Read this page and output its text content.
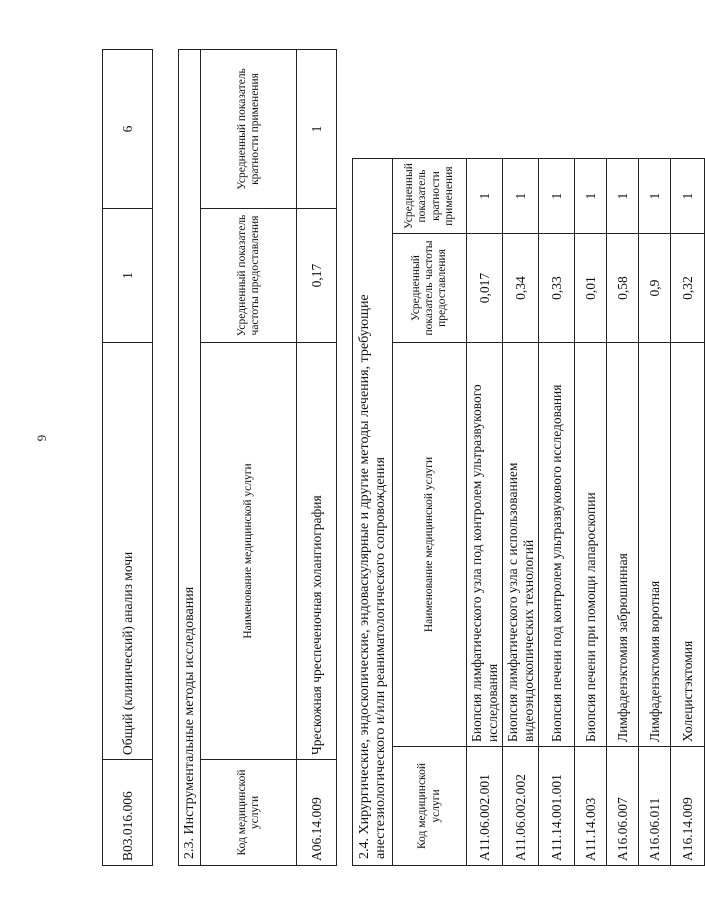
6
B03.016.006	Общий (клинический) анализ мочи	1	6
2.3. Инструментальные методы исследования			
Код медицинской услуги	Наименование медицинской услуги	Усредненный показатель частоты предоставления	Усредненный показатель кратности применения
A06.14.009	Чрескожная чреспеченочная холангиография	0,17	1
2.4. Хирургические, эндоскопические, эндоваскулярные и другие методы лечения, требующие анестезиологического и/или реаниматологического сопровождения			
Код медицинской услуги	Наименование медицинской услуги	Усредненный показатель частоты предоставления	Усредненный показатель кратности применения
A11.06.002.001	Биопсия лимфатического узла под контролем ультразвукового исследования	0,017	1
A11.06.002.002	Биопсия лимфатического узла с использованием видеоэндоскопических технологий	0,34	1
A11.14.001.001	Биопсия печени под контролем ультразвукового исследования	0,33	1
A11.14.003	Биопсия печени при помощи лапароскопии	0,01	1
A16.06.007	Лимфаденэктомия забрюшинная	0,58	1
A16.06.011	Лимфаденэктомия воротная	0,9	1
A16.14.009	Холецистэктомия	0,32	1
